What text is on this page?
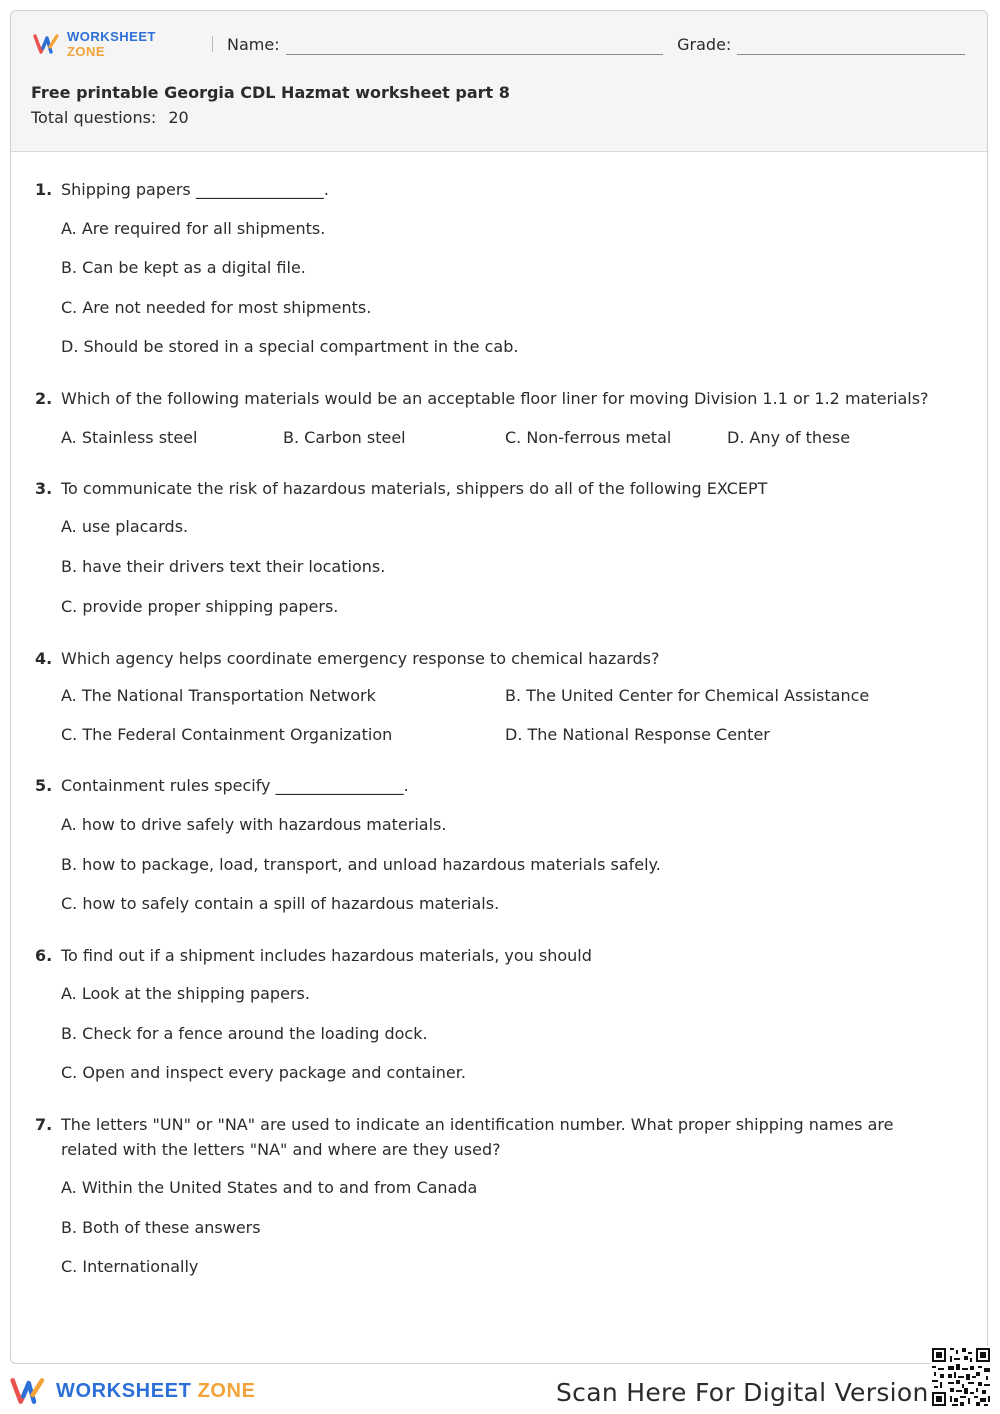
WORKSHEET ZONE	Name:	Grade:
Free printable Georgia CDL Hazmat worksheet part 8
Total questions: 20
1. Shipping papers ________________.
A. Are required for all shipments.
B. Can be kept as a digital file.
C. Are not needed for most shipments.
D. Should be stored in a special compartment in the cab.
2. Which of the following materials would be an acceptable floor liner for moving Division 1.1 or 1.2 materials?
A. Stainless steel	B. Carbon steel	C. Non-ferrous metal	D. Any of these
3. To communicate the risk of hazardous materials, shippers do all of the following EXCEPT
A. use placards.
B. have their drivers text their locations.
C. provide proper shipping papers.
4. Which agency helps coordinate emergency response to chemical hazards?
A. The National Transportation Network	B. The United Center for Chemical Assistance
C. The Federal Containment Organization	D. The National Response Center
5. Containment rules specify ________________.
A. how to drive safely with hazardous materials.
B. how to package, load, transport, and unload hazardous materials safely.
C. how to safely contain a spill of hazardous materials.
6. To find out if a shipment includes hazardous materials, you should
A. Look at the shipping papers.
B. Check for a fence around the loading dock.
C. Open and inspect every package and container.
7. The letters "UN" or "NA" are used to indicate an identification number. What proper shipping names are related with the letters "NA" and where are they used?
A. Within the United States and to and from Canada
B. Both of these answers
C. Internationally
WORKSHEET ZONE	Scan Here For Digital Version
